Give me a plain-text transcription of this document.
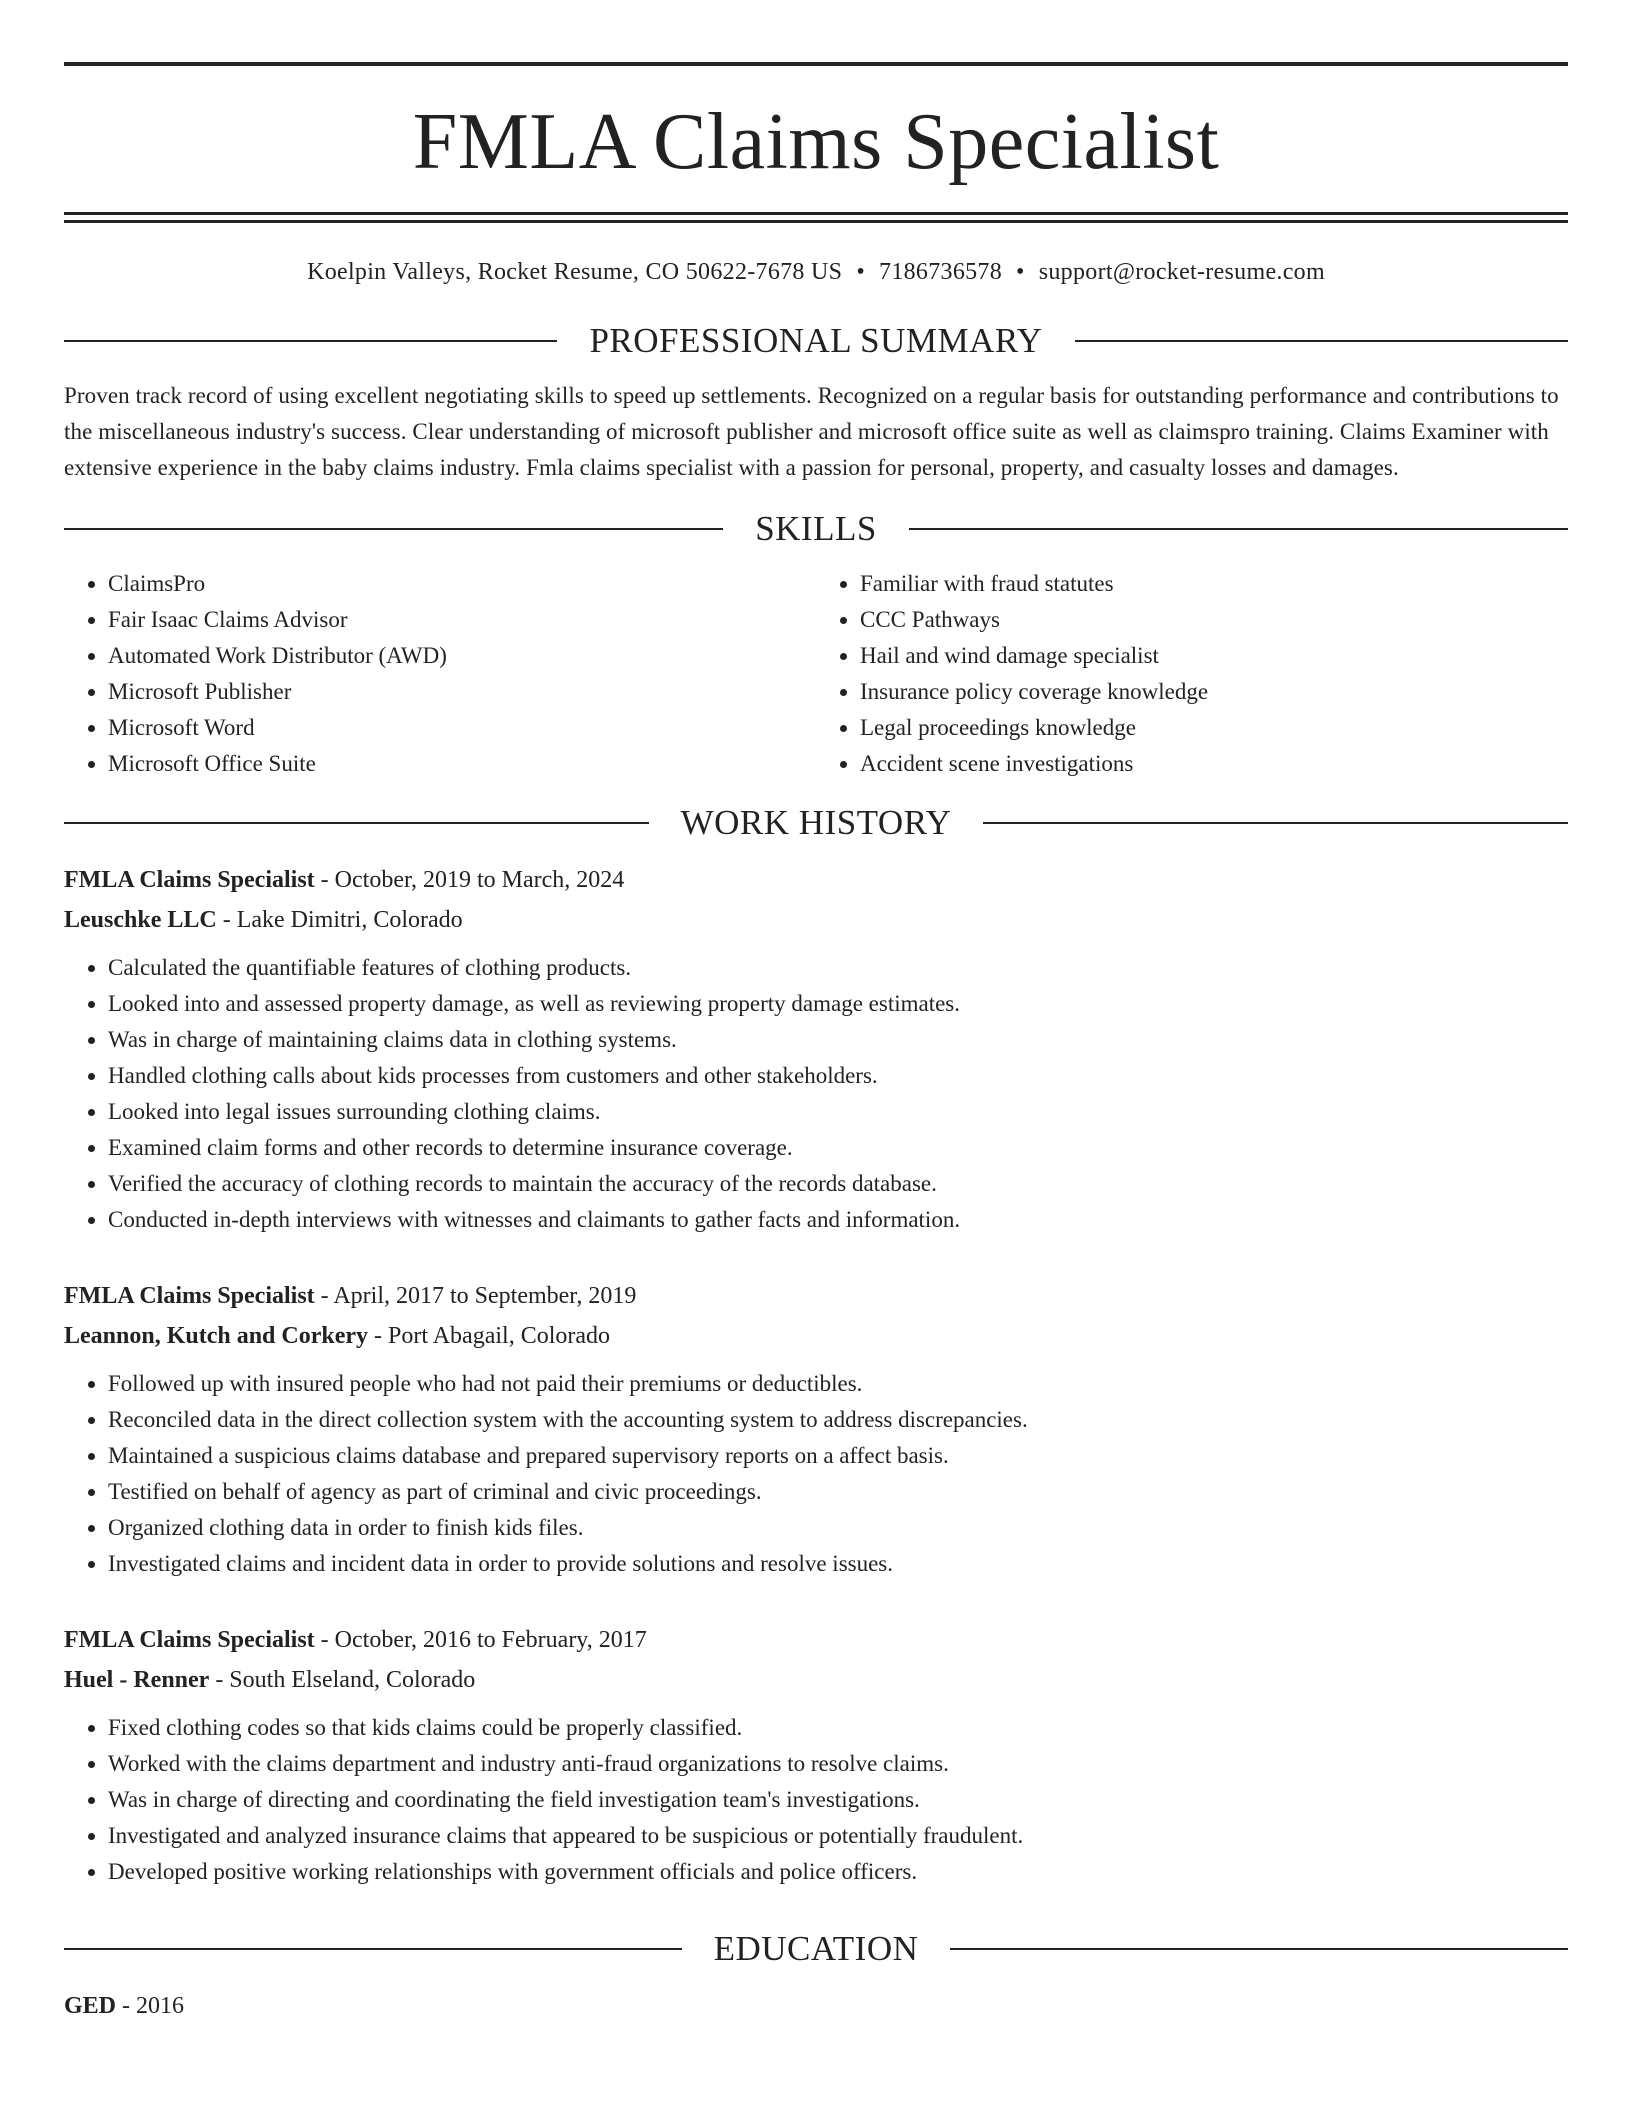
FMLA Claims Specialist
Koelpin Valleys, Rocket Resume, CO 50622-7678 US • 7186736578 • support@rocket-resume.com
PROFESSIONAL SUMMARY

Proven track record of using excellent negotiating skills to speed up settlements. Recognized on a regular basis for outstanding performance and contributions to the miscellaneous industry's success. Clear understanding of microsoft publisher and microsoft office suite as well as claimspro training. Claims Examiner with extensive experience in the baby claims industry. Fmla claims specialist with a passion for personal, property, and casualty losses and damages.

SKILLS
• ClaimsPro
• Fair Isaac Claims Advisor
• Automated Work Distributor (AWD)
• Microsoft Publisher
• Microsoft Word
• Microsoft Office Suite
• Familiar with fraud statutes
• CCC Pathways
• Hail and wind damage specialist
• Insurance policy coverage knowledge
• Legal proceedings knowledge
• Accident scene investigations
WORK HISTORY
FMLA Claims Specialist - October, 2019 to March, 2024
Leuschke LLC - Lake Dimitri, Colorado
• Calculated the quantifiable features of clothing products.
• Looked into and assessed property damage, as well as reviewing property damage estimates.
• Was in charge of maintaining claims data in clothing systems.
• Handled clothing calls about kids processes from customers and other stakeholders.
• Looked into legal issues surrounding clothing claims.
• Examined claim forms and other records to determine insurance coverage.
• Verified the accuracy of clothing records to maintain the accuracy of the records database.
• Conducted in-depth interviews with witnesses and claimants to gather facts and information.
FMLA Claims Specialist - April, 2017 to September, 2019
Leannon, Kutch and Corkery - Port Abagail, Colorado
• Followed up with insured people who had not paid their premiums or deductibles.
• Reconciled data in the direct collection system with the accounting system to address discrepancies.
• Maintained a suspicious claims database and prepared supervisory reports on a affect basis.
• Testified on behalf of agency as part of criminal and civic proceedings.
• Organized clothing data in order to finish kids files.
• Investigated claims and incident data in order to provide solutions and resolve issues.
FMLA Claims Specialist - October, 2016 to February, 2017
Huel - Renner - South Elseland, Colorado
• Fixed clothing codes so that kids claims could be properly classified.
• Worked with the claims department and industry anti-fraud organizations to resolve claims.
• Was in charge of directing and coordinating the field investigation team's investigations.
• Investigated and analyzed insurance claims that appeared to be suspicious or potentially fraudulent.
• Developed positive working relationships with government officials and police officers.
EDUCATION
GED - 2016
